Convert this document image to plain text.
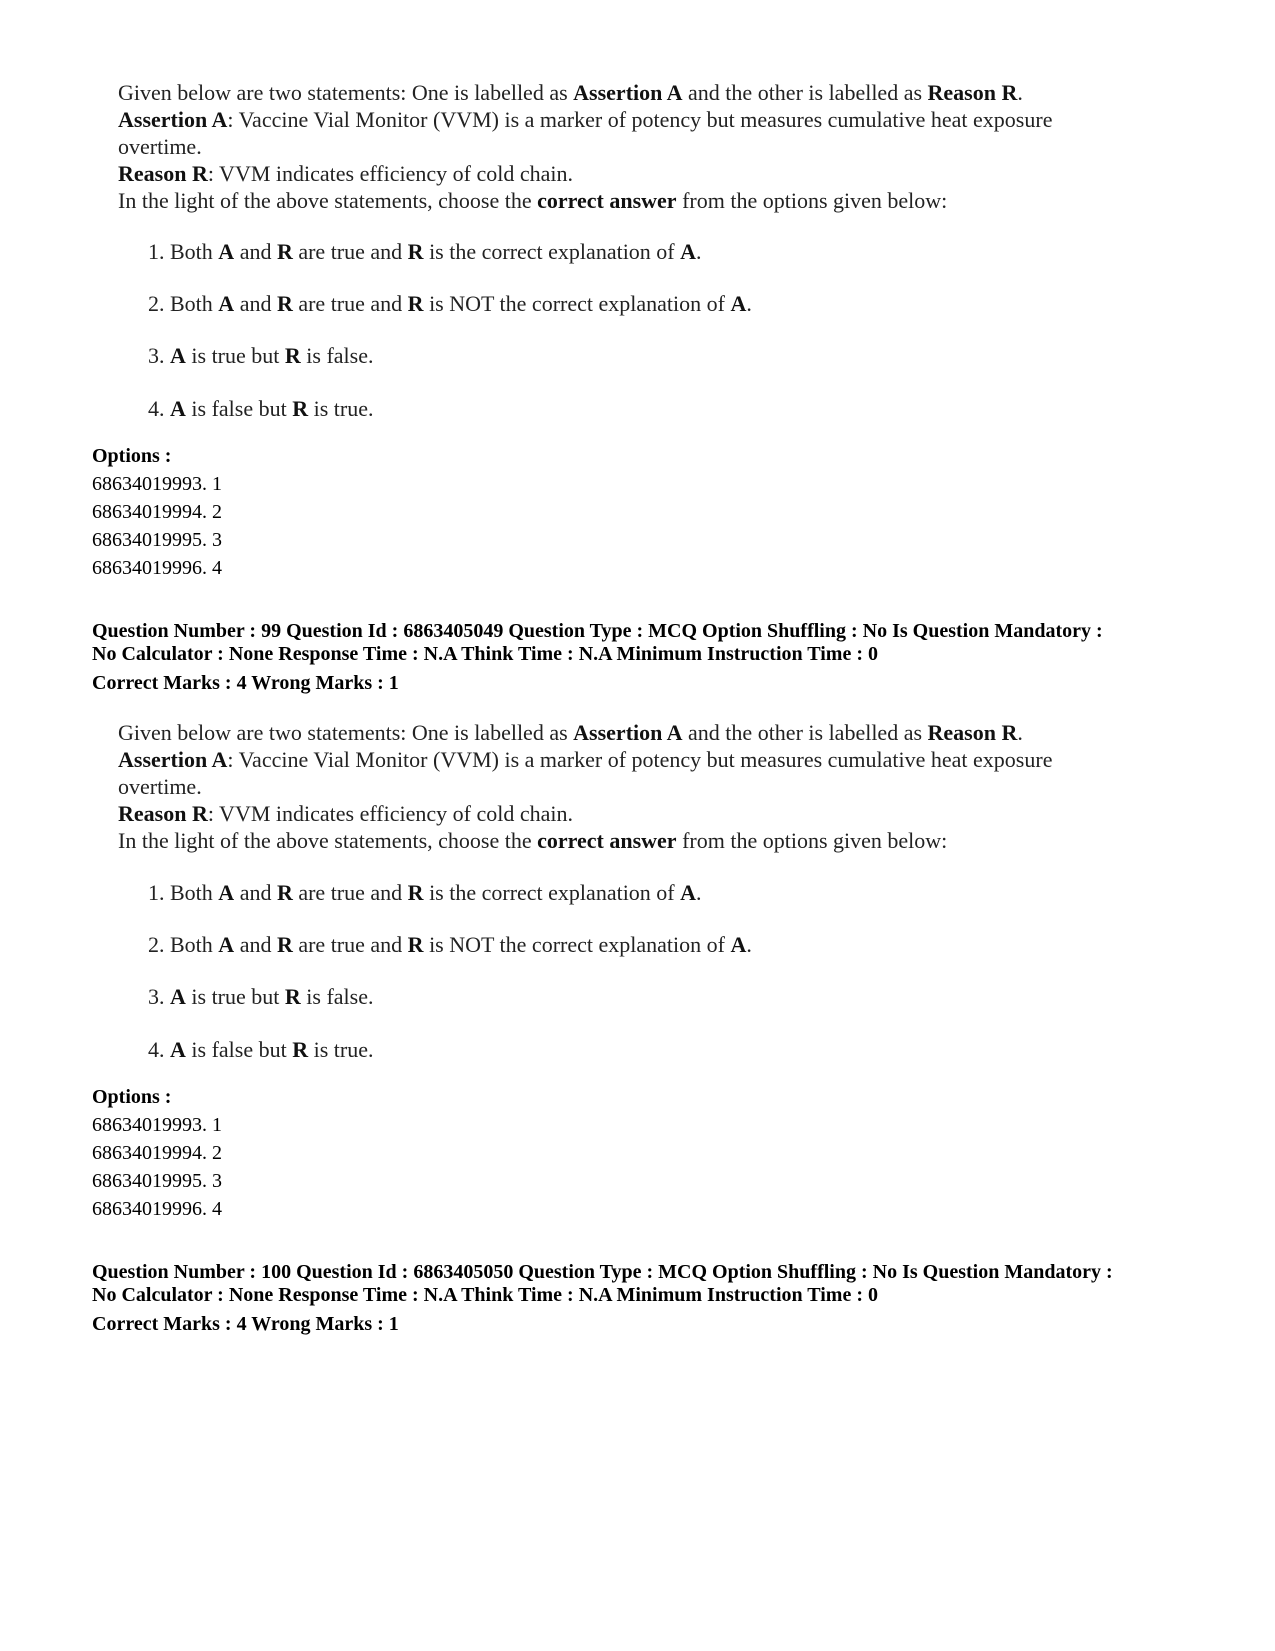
Given below are two statements: One is labelled as Assertion A and the other is labelled as Reason R.
Assertion A: Vaccine Vial Monitor (VVM) is a marker of potency but measures cumulative heat exposure
overtime.
Reason R: VVM indicates efficiency of cold chain.
In the light of the above statements, choose the correct answer from the options given below:
1. Both A and R are true and R is the correct explanation of A.
2. Both A and R are true and R is NOT the correct explanation of A.
3. A is true but R is false.
4. A is false but R is true.
Options :
68634019993. 1
68634019994. 2
68634019995. 3
68634019996. 4
Question Number : 99 Question Id : 6863405049 Question Type : MCQ Option Shuffling : No Is Question Mandatory :
No Calculator : None Response Time : N.A Think Time : N.A Minimum Instruction Time : 0
Correct Marks : 4 Wrong Marks : 1
Given below are two statements: One is labelled as Assertion A and the other is labelled as Reason R.
Assertion A: Vaccine Vial Monitor (VVM) is a marker of potency but measures cumulative heat exposure
overtime.
Reason R: VVM indicates efficiency of cold chain.
In the light of the above statements, choose the correct answer from the options given below:
1. Both A and R are true and R is the correct explanation of A.
2. Both A and R are true and R is NOT the correct explanation of A.
3. A is true but R is false.
4. A is false but R is true.
Options :
68634019993. 1
68634019994. 2
68634019995. 3
68634019996. 4
Question Number : 100 Question Id : 6863405050 Question Type : MCQ Option Shuffling : No Is Question Mandatory :
No Calculator : None Response Time : N.A Think Time : N.A Minimum Instruction Time : 0
Correct Marks : 4 Wrong Marks : 1
